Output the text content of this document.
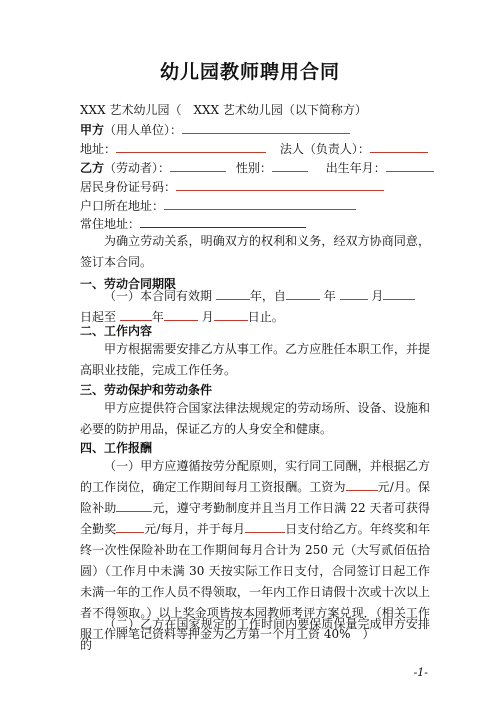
幼儿园教师聘用合同
XXX 艺术幼儿园（　XXX 艺术幼儿园（以下简称方）
甲方（用人单位）：
地址：	法人（负责人）：
乙方（劳动者）：	性别：	出生年月：
居民身份证号码：
户口所在地址：
常住地址：
为确立劳动关系，明确双方的权利和义务，经双方协商同意，签订本合同。
一、劳动合同期限
（一）本合同有效期	年，自	年	月
日起至	年	月	日止。
二、工作内容
甲方根据需要安排乙方从事工作。乙方应胜任本职工作，并提高职业技能，完成工作任务。
三、劳动保护和劳动条件
甲方应提供符合国家法律法规规定的劳动场所、设备、设施和必要的防护用品，保证乙方的人身安全和健康。
四、工作报酬
（一）甲方应遵循按劳分配原则，实行同工同酬，并根据乙方的工作岗位，确定工作期间每月工资报酬。工资为	元/月。保险补助	元，遵守考勤制度并且当月工作日满 22 天者可获得全勤奖 元/每月，并于每月	日支付给乙方。年终奖和年终一次性保险补助在工作期间每月合计为 250 元（大写贰佰伍拾圆）（工作月中未满 30 天按实际工作日支付，合同签订日起工作未满一年的工作人员不得领取，一年内工作日请假十次或十次以上者不得领取。）以上奖金项皆按本园教师考评方案兑现．（相关工作服工作牌笔记资料等押金为乙方第一个月工资 40%　）
（二）乙方在国家规定的工作时间内要保质保量完成甲方安排的
-1-
